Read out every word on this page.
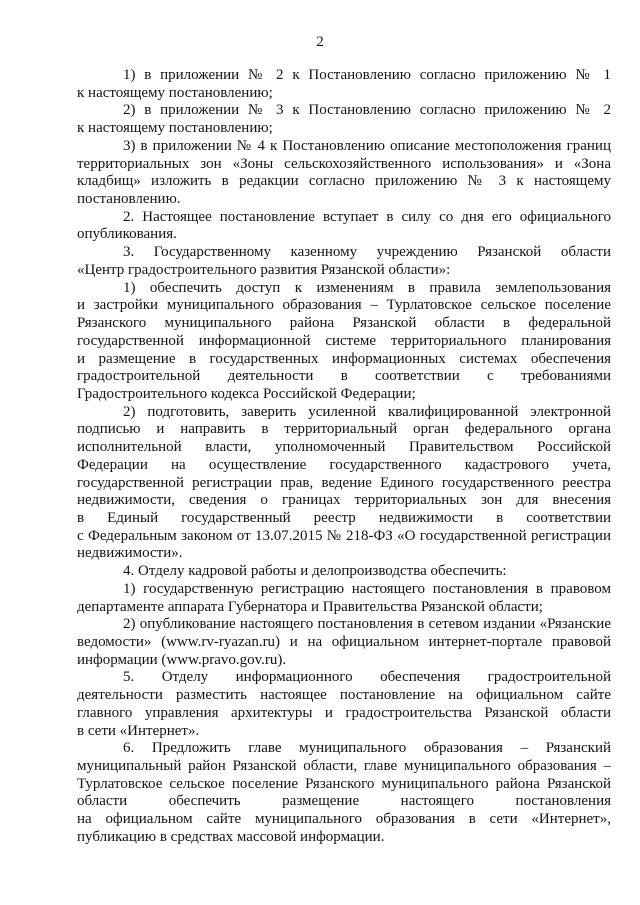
2
1) в приложении № 2 к Постановлению согласно приложению № 1
к настоящему постановлению;
2) в приложении № 3 к Постановлению согласно приложению № 2
к настоящему постановлению;
3) в приложении № 4 к Постановлению описание местоположения границ
территориальных зон «Зоны сельскохозяйственного использования» и «Зона
кладбищ» изложить в редакции согласно приложению № 3 к настоящему
постановлению.
2. Настоящее постановление вступает в силу со дня его официального
опубликования.
3. Государственному казенному учреждению Рязанской области
«Центр градостроительного развития Рязанской области»:
1) обеспечить доступ к изменениям в правила землепользования
и застройки муниципального образования – Турлатовское сельское поселение
Рязанского муниципального района Рязанской области в федеральной
государственной информационной системе территориального планирования
и размещение в государственных информационных системах обеспечения
градостроительной деятельности в соответствии с требованиями
Градостроительного кодекса Российской Федерации;
2) подготовить, заверить усиленной квалифицированной электронной
подписью и направить в территориальный орган федерального органа
исполнительной власти, уполномоченный Правительством Российской
Федерации на осуществление государственного кадастрового учета,
государственной регистрации прав, ведение Единого государственного реестра
недвижимости, сведения о границах территориальных зон для внесения
в Единый государственный реестр недвижимости в соответствии
с Федеральным законом от 13.07.2015 № 218-ФЗ «О государственной регистрации
недвижимости».
4. Отделу кадровой работы и делопроизводства обеспечить:
1) государственную регистрацию настоящего постановления в правовом
департаменте аппарата Губернатора и Правительства Рязанской области;
2) опубликование настоящего постановления в сетевом издании «Рязанские
ведомости» (www.rv-ryazan.ru) и на официальном интернет-портале правовой
информации (www.pravo.gov.ru).
5. Отделу информационного обеспечения градостроительной
деятельности разместить настоящее постановление на официальном сайте
главного управления архитектуры и градостроительства Рязанской области
в сети «Интернет».
6. Предложить главе муниципального образования – Рязанский
муниципальный район Рязанской области, главе муниципального образования –
Турлатовское сельское поселение Рязанского муниципального района Рязанской
области обеспечить размещение настоящего постановления
на официальном сайте муниципального образования в сети «Интернет»,
публикацию в средствах массовой информации.
